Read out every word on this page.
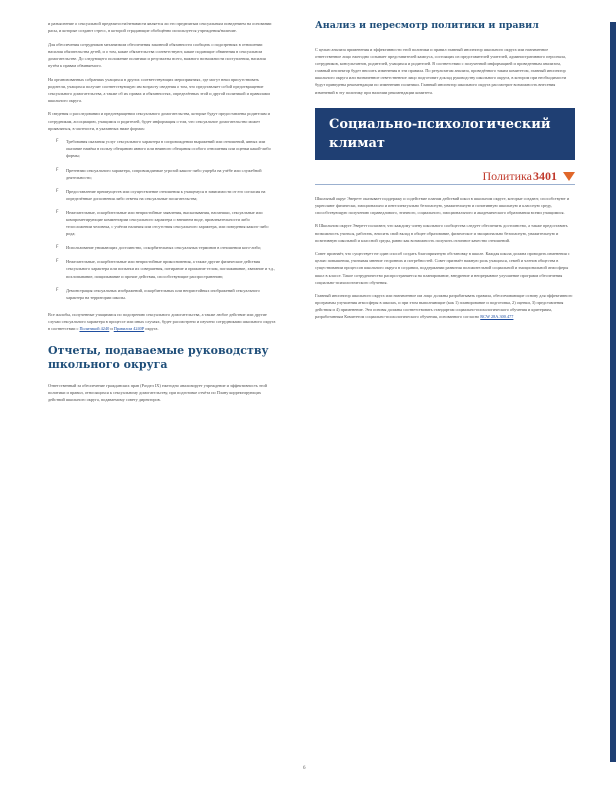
и разъяснение о сексуальной предвзятости/ненависти является ли это предвзятым сексуальным поведением на основании расы, и которые создают стресс, в которой страдающие обобщённо используется учреждения/наличие.

Для обеспечения сотрудников механизмом обеспечения законной обязанности сообщать о подозрениях в отношении насилия обязательства детей, и о том, какие обязательства соответствуют, какие подающие обвинения в сексуальном домогательстве. До следующего положение политики и результаты всего, важного возможности поступления, насилия путём к правам обвиняемого.

На организованных собраниях учащихся в других соответствующих мероприятиях, где могут неки присутствовать родители, учащихся получит соответствующую им возрасту сведения о том, что представляет собой предотвращение сексуального домогательства, а также об их правах и обязанностях, определённых этой и другой политикой и правилами школьного округа.

В сведения о расследовании и предотвращении сексуального домогательства, которые будут предоставлены родителям и сотрудникам, ассоциацию, учащимся и родителей, будет информация о том, что сексуальное домогательство может проявляться, в частности, в указанных ниже формах:

F Требования оказания услуг сексуального характера в сопровождении выражений или отношений, явных или оказание намёка в пользу обещанию явного или неявного обещания особого отношения или оценки какой-либо формы;
F Претензии сексуального характера, сопровождаемые угрозой какого-либо ущерба на учёбе или служебной деятельности;
F Предоставление преимуществ или осуществление отношения к учащемуся в зависимости от его согласия на определённые дополнения либо ответы на сексуальные посягательства;
F Нежелательные, оскорбительные или непристойные заявления, высказывания, насмешки, сексуальные или компрометирующие комментарии сексуального характера о внешнем виде, привлекательности либо телосложении человека, с учётом наличия или отсутствия сексуального характера, или поведения какого-либо рода;
F Использование унижающих достоинство, оскорбительных сексуальных терминов в отношении кого-либо;
F Нежелательные, оскорбительные или непристойные прикосновения, а также другие физические действия сексуального характера или попытки их совершения, потирание и прижатие телом, поглаживание, хватание и т.д., похлопывание, пощипывание и прочие действия, способствующие распространению;
F Демонстрация сексуальных изображений, оскорбительных или непристойных изображений сексуального характера на территории школы.

Все жалобы, полученные учащимися по подозрению сексуального домогательства, а также любое действие или другие случаи сексуального характера в процессе или иных случаях, будет рассмотрено и изучено сотрудниками школьного округа в соответствии с Политикой 4240 и Правилом 4240Р округа.

Отчеты, подаваемые руководству школьного округа

Ответственный за обеспечение гражданских прав (Раздел IX) ежегодно анализирует учреждение и эффективность этой политики и правил, относящихся к сексуальному домогательству, при подготовке отчёта по Плану корректирующих действий школьного округа, подаваемому совету директоров.

Анализ и пересмотр политики и правил

С целью анализа применения и эффективности этой политики и правил главный инспектор школьного округа или назначенное ответственное лицо ежегодно созывает представителей кампуса, состоящих из представителей учителей, административного персонала, сотрудников, консультантов, родителей, учащихся и родителей. В соответствии с полученной информацией и проведенным анализом, главный инспектор будет вносить изменения в эти правила. По результатам анализа, проведённого таким комитетом, главный инспектор школьного округа или назначенное ответственное лицо подготовит доклад руководству школьного округа, в котором при необходимости будут приведены рекомендации по изменению политики. Главный инспектор школьного округа рассмотрит возможность внесения изменений в эту политику при наличии рекомендации комитета.

Социально-психологический климат
Политика 3401

Школьный округ Эверетт оказывает поддержку и содействие планам действий школ в школьном округе, которые создают, способствуют и укрепляют физически, эмоционально и интеллектуально безопасную, уважительную и позитивную школьную и классную среду, способствующую получению справедливого, этичного, социального, эмоционального и академического образования всеми учащимися.

В Школьном округе Эверетт полагают, что каждому члену школьного сообщества следует обеспечить достоинство, а также предоставить возможность учиться, работать, вносить свой вклад в общее образование, физическое и эмоционально безопасную, уважительную и позитивную школьной и классной среды, равно как возможность получить отличное качество отношений.

Совет признаёт, что существует не один способ создать благоприятную обстановку в школе. Каждая школа должна проводить изменения с целью повышения, учитывая мнение сторонних и потребностей. Совет признаёт важную роль учащихся, семей и членов общества в существовании процессов школьного округа в создании, поддержании развития положительной социальной и эмоциональной атмосферы школ в классе. Такое сотрудничество распространяется на планирование, внедрение и непрерывное улучшение программ обеспечения социально-психологического обучения.

Главный инспектор школьного округа или назначенное им лицо должны разрабатывать правила, обеспечивающие основу для эффективного программы улучшения атмосферы в школах, и при этом выполняющие (как 1) планирование и подготовка, 2) оценки, 3) представления действия и 4) применение. Эти основы должны соответствовать стандартам социально-психологического обучения и критериям, разработанным Комитетом социально-психологического обучения, основанного согласно RCW 28A.300.477

6
